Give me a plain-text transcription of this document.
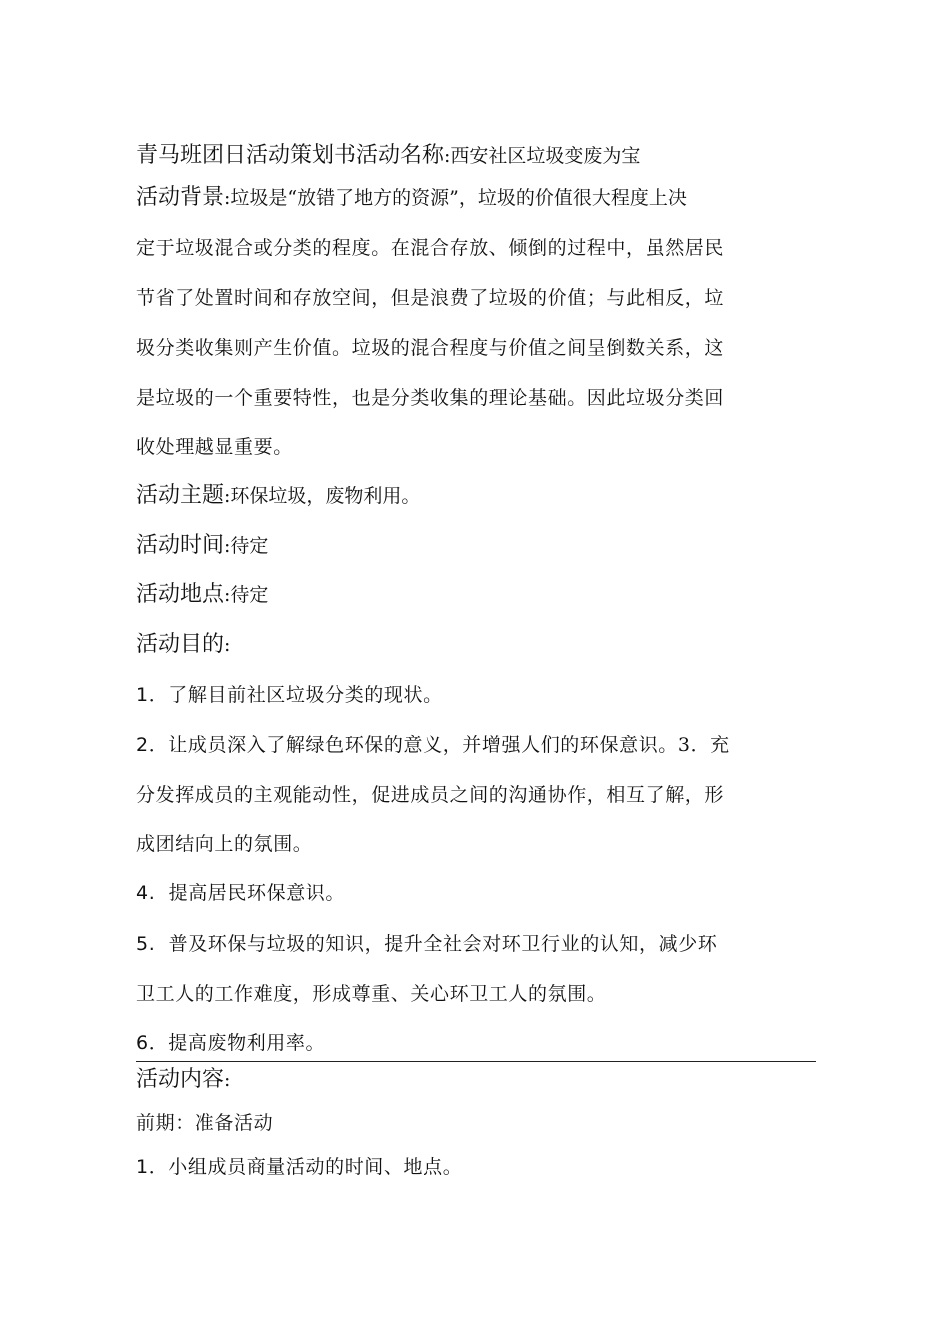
青马班团日活动策划书活动名称:西安社区垃圾变废为宝
活动背景:垃圾是“放错了地方的资源”，垃圾的价值很大程度上决
定于垃圾混合或分类的程度。在混合存放、倾倒的过程中，虽然居民
节省了处置时间和存放空间，但是浪费了垃圾的价值；与此相反，垃
圾分类收集则产生价值。垃圾的混合程度与价值之间呈倒数关系，这
是垃圾的一个重要特性，也是分类收集的理论基础。因此垃圾分类回
收处理越显重要。
活动主题:环保垃圾，废物利用。
活动时间:待定
活动地点:待定
活动目的:
1．了解目前社区垃圾分类的现状。
2．让成员深入了解绿色环保的意义，并增强人们的环保意识。3．充
分发挥成员的主观能动性，促进成员之间的沟通协作，相互了解，形
成团结向上的氛围。
4.  提高居民环保意识。
5.  普及环保与垃圾的知识，提升全社会对环卫行业的认知，减少环
卫工人的工作难度，形成尊重、关心环卫工人的氛围。
6．提高废物利用率。
活动内容:
前期：准备活动
1．小组成员商量活动的时间、地点。
